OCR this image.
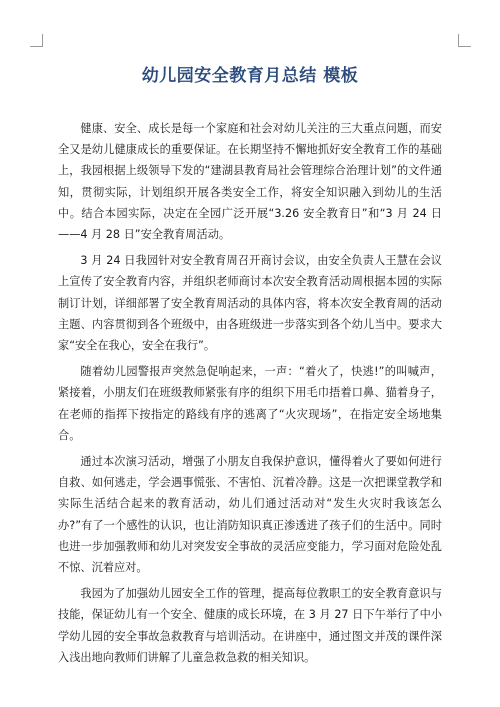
幼儿园安全教育月总结 模板

健康、安全、成长是每一个家庭和社会对幼儿关注的三大重点问题，而安全又是幼儿健康成长的重要保证。在长期坚持不懈地抓好安全教育工作的基础上，我园根据上级领导下发的“建湖县教育局社会管理综合治理计划”的文件通知，贯彻实际，计划组织开展各类安全工作，将安全知识融入到幼儿的生活中。结合本园实际，决定在全园广泛开展“3.26 安全教育日”和“3 月 24 日——4 月 28 日”安全教育周活动。

3 月 24 日我园针对安全教育周召开商讨会议，由安全负责人王慧在会议上宣传了安全教育内容，并组织老师商讨本次安全教育活动周根据本园的实际制订计划，详细部署了安全教育周活动的具体内容，将本次安全教育周的活动主题、内容贯彻到各个班级中，由各班级进一步落实到各个幼儿当中。要求大家“安全在我心，安全在我行”。

随着幼儿园警报声突然急促响起来，一声：“着火了，快逃!”的叫喊声，紧接着，小朋友们在班级教师紧张有序的组织下用毛巾捂着口鼻、猫着身子，在老师的指挥下按指定的路线有序的逃离了“火灾现场”，在指定安全场地集合。

通过本次演习活动，增强了小朋友自我保护意识，懂得着火了要如何进行自救、如何逃走，学会遇事慌张、不害怕、沉着冷静。这是一次把课堂教学和实际生活结合起来的教育活动，幼儿们通过活动对“发生火灾时我该怎么办?”有了一个感性的认识，也让消防知识真正渗透进了孩子们的生活中。同时也进一步加强教师和幼儿对突发安全事故的灵活应变能力，学习面对危险处乱不惊、沉着应对。

我园为了加强幼儿园安全工作的管理，提高每位教职工的安全教育意识与技能，保证幼儿有一个安全、健康的成长环境，在 3 月 27 日下午举行了中小学幼儿园的安全事故急救教育与培训活动。在讲座中，通过图文并茂的课件深入浅出地向教师们讲解了儿童急救急救的相关知识。
